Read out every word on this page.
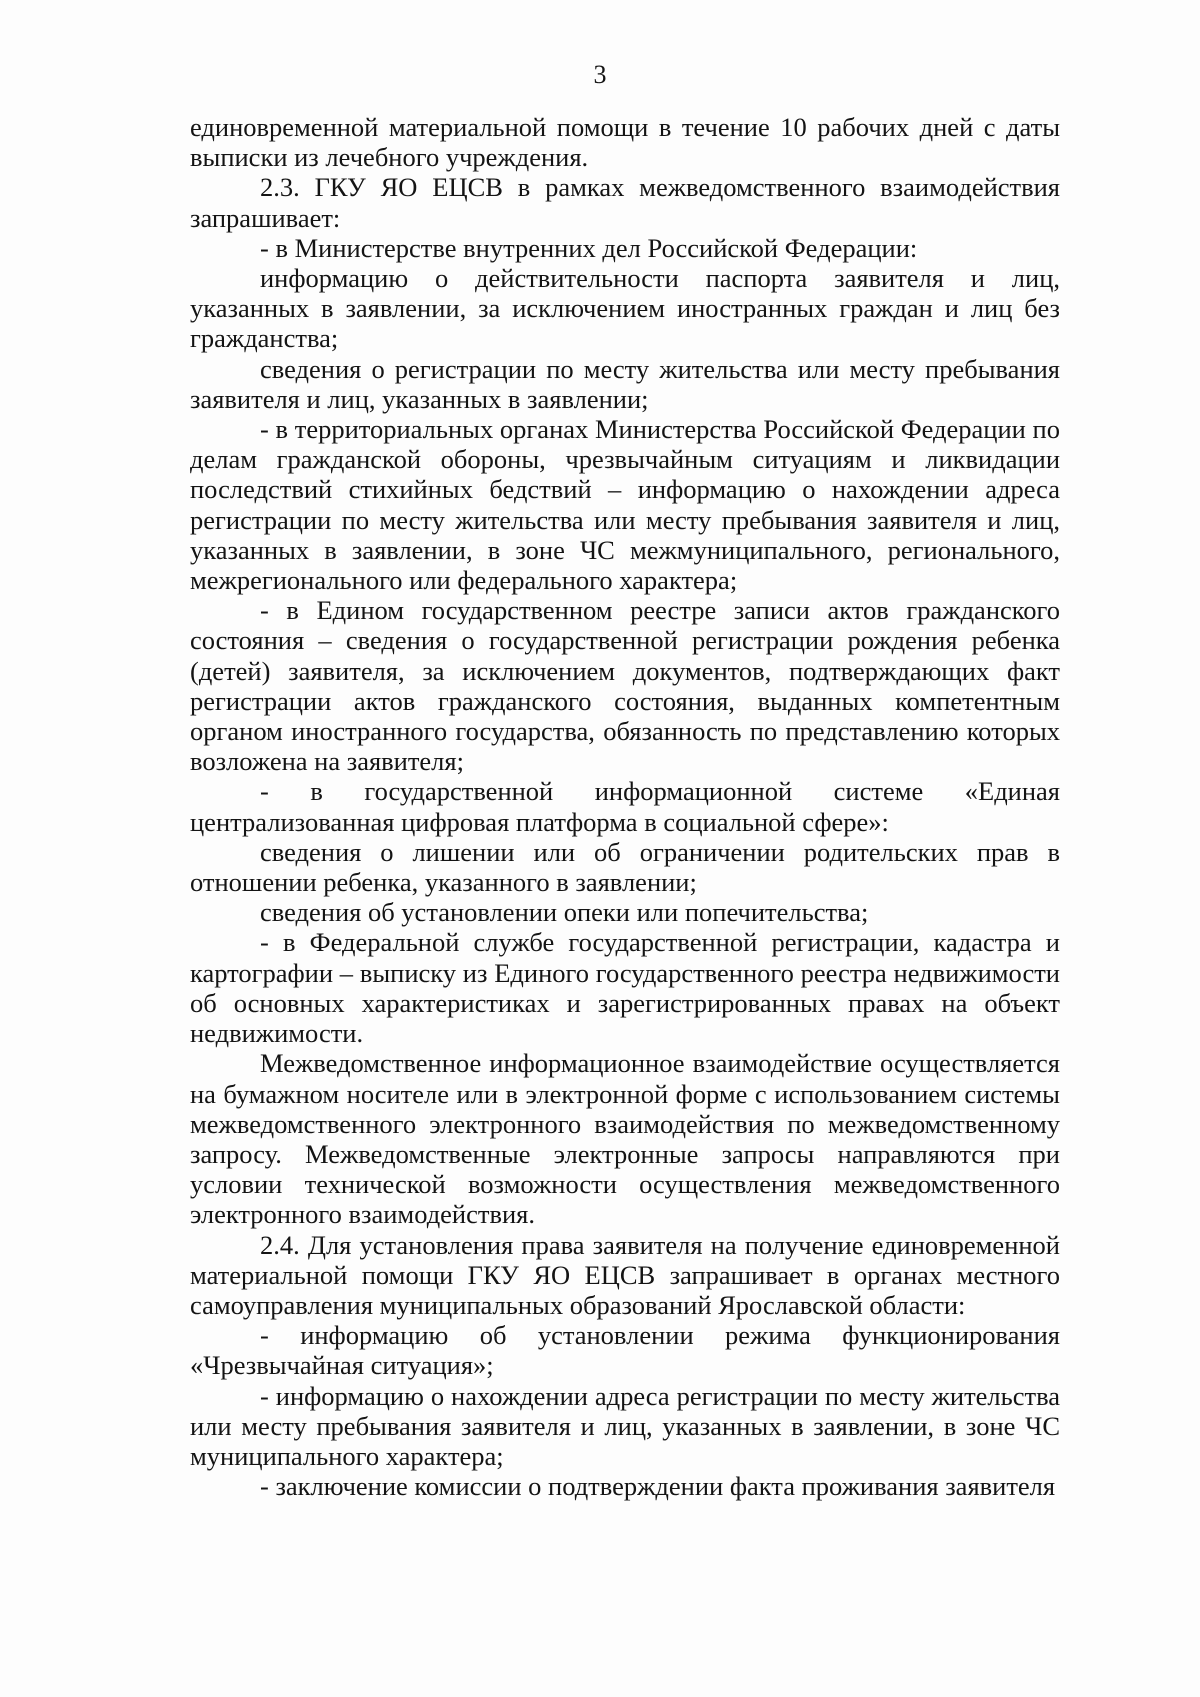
3

единовременной материальной помощи в течение 10 рабочих дней с даты выписки из лечебного учреждения.

2.3. ГКУ ЯО ЕЦСВ в рамках межведомственного взаимодействия запрашивает:

- в Министерстве внутренних дел Российской Федерации:

информацию о действительности паспорта заявителя и лиц, указанных в заявлении, за исключением иностранных граждан и лиц без гражданства;

сведения о регистрации по месту жительства или месту пребывания заявителя и лиц, указанных в заявлении;

- в территориальных органах Министерства Российской Федерации по делам гражданской обороны, чрезвычайным ситуациям и ликвидации последствий стихийных бедствий – информацию о нахождении адреса регистрации по месту жительства или месту пребывания заявителя и лиц, указанных в заявлении, в зоне ЧС межмуниципального, регионального, межрегионального или федерального характера;

- в Едином государственном реестре записи актов гражданского состояния – сведения о государственной регистрации рождения ребенка (детей) заявителя, за исключением документов, подтверждающих факт регистрации актов гражданского состояния, выданных компетентным органом иностранного государства, обязанность по представлению которых возложена на заявителя;

- в государственной информационной системе «Единая централизованная цифровая платформа в социальной сфере»:

сведения о лишении или об ограничении родительских прав в отношении ребенка, указанного в заявлении;

сведения об установлении опеки или попечительства;

- в Федеральной службе государственной регистрации, кадастра и картографии – выписку из Единого государственного реестра недвижимости об основных характеристиках и зарегистрированных правах на объект недвижимости.

Межведомственное информационное взаимодействие осуществляется на бумажном носителе или в электронной форме с использованием системы межведомственного электронного взаимодействия по межведомственному запросу. Межведомственные электронные запросы направляются при условии технической возможности осуществления межведомственного электронного взаимодействия.

2.4. Для установления права заявителя на получение единовременной материальной помощи ГКУ ЯО ЕЦСВ запрашивает в органах местного самоуправления муниципальных образований Ярославской области:

- информацию об установлении режима функционирования «Чрезвычайная ситуация»;

- информацию о нахождении адреса регистрации по месту жительства или месту пребывания заявителя и лиц, указанных в заявлении, в зоне ЧС муниципального характера;

- заключение комиссии о подтверждении факта проживания заявителя
